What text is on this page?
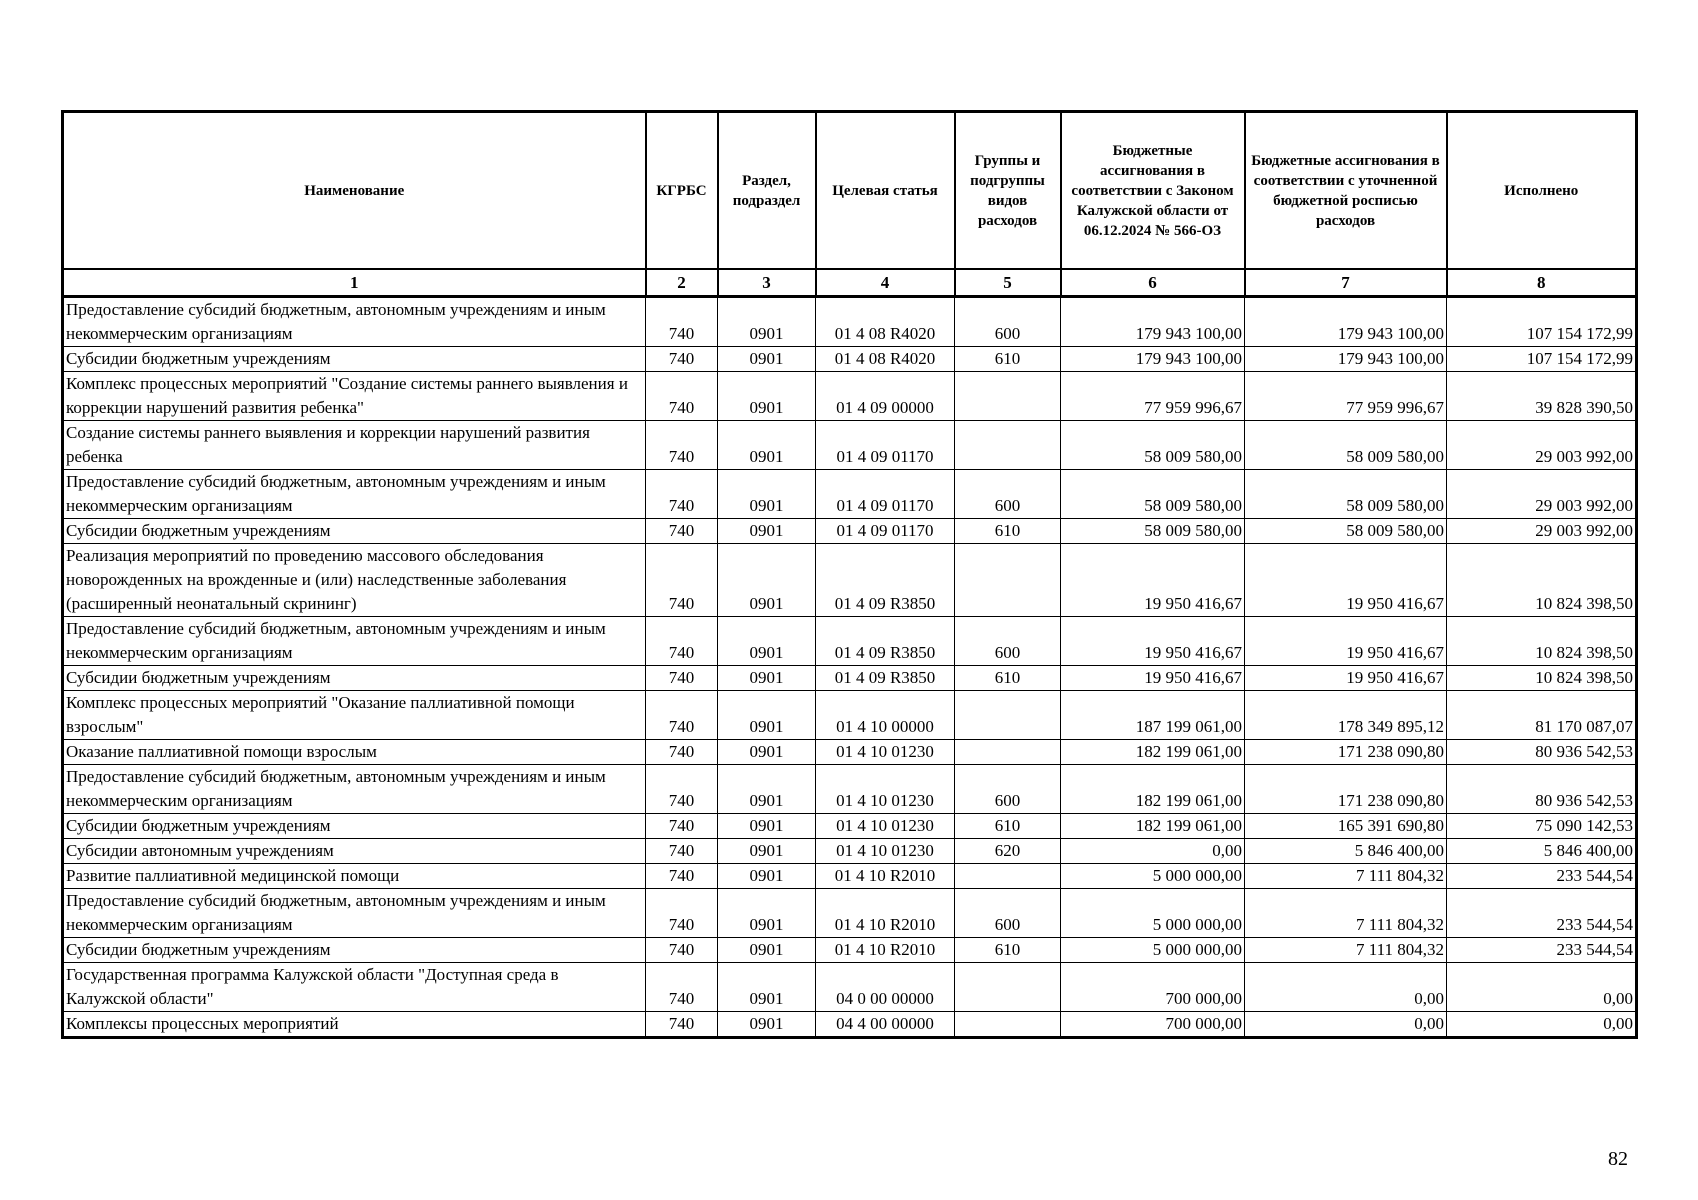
Наименование	КГРБС	Раздел, подраздел	Целевая статья	Группы и подгруппы видов расходов	Бюджетные ассигнования в соответствии с Законом Калужской области от 06.12.2024 № 566-ОЗ	Бюджетные ассигнования в соответствии с уточненной бюджетной росписью расходов	Исполнено
1	2	3	4	5	6	7	8
Предоставление субсидий бюджетным, автономным учреждениям и иным некоммерческим организациям	740	0901	01 4 08 R4020	600	179 943 100,00	179 943 100,00	107 154 172,99
Субсидии бюджетным учреждениям	740	0901	01 4 08 R4020	610	179 943 100,00	179 943 100,00	107 154 172,99
Комплекс процессных мероприятий "Создание системы раннего выявления и коррекции нарушений развития ребенка"	740	0901	01 4 09 00000		77 959 996,67	77 959 996,67	39 828 390,50
Создание системы раннего выявления и коррекции нарушений развития ребенка	740	0901	01 4 09 01170		58 009 580,00	58 009 580,00	29 003 992,00
Предоставление субсидий бюджетным, автономным учреждениям и иным некоммерческим организациям	740	0901	01 4 09 01170	600	58 009 580,00	58 009 580,00	29 003 992,00
Субсидии бюджетным учреждениям	740	0901	01 4 09 01170	610	58 009 580,00	58 009 580,00	29 003 992,00
Реализация мероприятий по проведению массового обследования новорожденных на врожденные и (или) наследственные заболевания (расширенный неонатальный скрининг)	740	0901	01 4 09 R3850		19 950 416,67	19 950 416,67	10 824 398,50
Предоставление субсидий бюджетным, автономным учреждениям и иным некоммерческим организациям	740	0901	01 4 09 R3850	600	19 950 416,67	19 950 416,67	10 824 398,50
Субсидии бюджетным учреждениям	740	0901	01 4 09 R3850	610	19 950 416,67	19 950 416,67	10 824 398,50
Комплекс процессных мероприятий "Оказание паллиативной помощи взрослым"	740	0901	01 4 10 00000		187 199 061,00	178 349 895,12	81 170 087,07
Оказание паллиативной помощи взрослым	740	0901	01 4 10 01230		182 199 061,00	171 238 090,80	80 936 542,53
Предоставление субсидий бюджетным, автономным учреждениям и иным некоммерческим организациям	740	0901	01 4 10 01230	600	182 199 061,00	171 238 090,80	80 936 542,53
Субсидии бюджетным учреждениям	740	0901	01 4 10 01230	610	182 199 061,00	165 391 690,80	75 090 142,53
Субсидии автономным учреждениям	740	0901	01 4 10 01230	620	0,00	5 846 400,00	5 846 400,00
Развитие паллиативной медицинской помощи	740	0901	01 4 10 R2010		5 000 000,00	7 111 804,32	233 544,54
Предоставление субсидий бюджетным, автономным учреждениям и иным некоммерческим организациям	740	0901	01 4 10 R2010	600	5 000 000,00	7 111 804,32	233 544,54
Субсидии бюджетным учреждениям	740	0901	01 4 10 R2010	610	5 000 000,00	7 111 804,32	233 544,54
Государственная программа Калужской области "Доступная среда в Калужской области"	740	0901	04 0 00 00000		700 000,00	0,00	0,00
Комплексы процессных мероприятий	740	0901	04 4 00 00000		700 000,00	0,00	0,00
82
